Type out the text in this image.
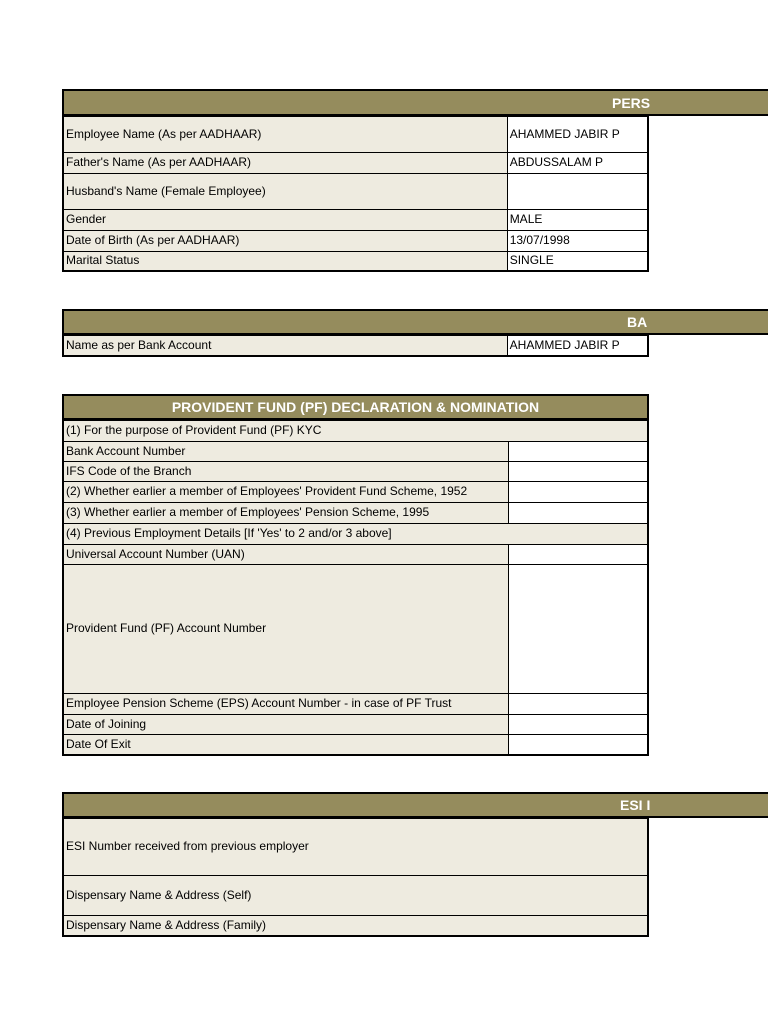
PERS
Employee Name (As per AADHAAR)	AHAMMED JABIR P
Father's Name (As per AADHAAR)	ABDUSSALAM P
Husband's Name (Female Employee)	
Gender	MALE
Date of Birth (As per AADHAAR)	13/07/1998
Marital Status	SINGLE
BA
Name as per Bank Account	AHAMMED JABIR P
PROVIDENT FUND (PF) DECLARATION & NOMINATION
(1) For the purpose of Provident Fund (PF) KYC	
Bank Account Number	
IFS Code of the Branch	
(2) Whether earlier a member of Employees' Provident Fund Scheme, 1952	
(3) Whether earlier a member of Employees' Pension Scheme, 1995	
(4) Previous Employment Details [If 'Yes' to 2 and/or 3 above]	
Universal Account Number (UAN)	
Provident Fund (PF) Account Number	
Employee Pension Scheme (EPS) Account Number - in case of PF Trust	
Date of Joining	
Date Of Exit	
ESI I
ESI Number received from previous employer
Dispensary Name & Address (Self)
Dispensary Name & Address (Family)
